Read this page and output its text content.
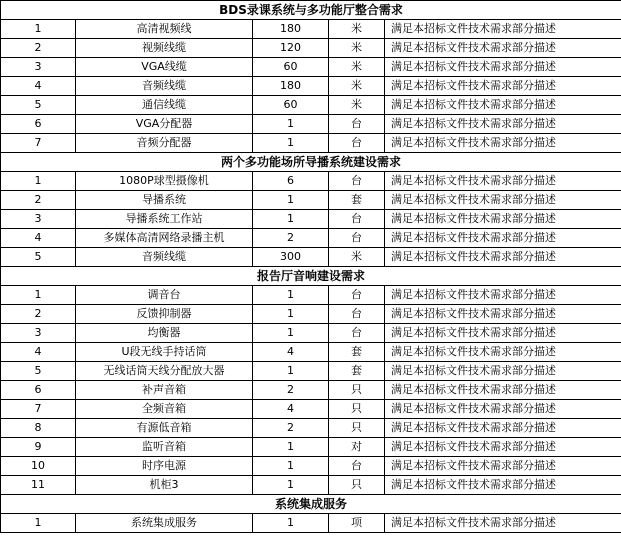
BDS录课系统与多功能厅整合需求				
1	高清视频线	180	米	满足本招标文件技术需求部分描述
2	视频线缆	120	米	满足本招标文件技术需求部分描述
3	VGA线缆	60	米	满足本招标文件技术需求部分描述
4	音频线缆	180	米	满足本招标文件技术需求部分描述
5	通信线缆	60	米	满足本招标文件技术需求部分描述
6	VGA分配器	1	台	满足本招标文件技术需求部分描述
7	音频分配器	1	台	满足本招标文件技术需求部分描述
两个多功能场所导播系统建设需求				
1	1080P球型摄像机	6	台	满足本招标文件技术需求部分描述
2	导播系统	1	套	满足本招标文件技术需求部分描述
3	导播系统工作站	1	台	满足本招标文件技术需求部分描述
4	多媒体高清网络录播主机	2	台	满足本招标文件技术需求部分描述
5	音频线缆	300	米	满足本招标文件技术需求部分描述
报告厅音响建设需求				
1	调音台	1	台	满足本招标文件技术需求部分描述
2	反馈抑制器	1	台	满足本招标文件技术需求部分描述
3	均衡器	1	台	满足本招标文件技术需求部分描述
4	U段无线手持话筒	4	套	满足本招标文件技术需求部分描述
5	无线话筒天线分配放大器	1	套	满足本招标文件技术需求部分描述
6	补声音箱	2	只	满足本招标文件技术需求部分描述
7	全频音箱	4	只	满足本招标文件技术需求部分描述
8	有源低音箱	2	只	满足本招标文件技术需求部分描述
9	监听音箱	1	对	满足本招标文件技术需求部分描述
10	时序电源	1	台	满足本招标文件技术需求部分描述
11	机柜3	1	只	满足本招标文件技术需求部分描述
系统集成服务				
1	系统集成服务	1	项	满足本招标文件技术需求部分描述
